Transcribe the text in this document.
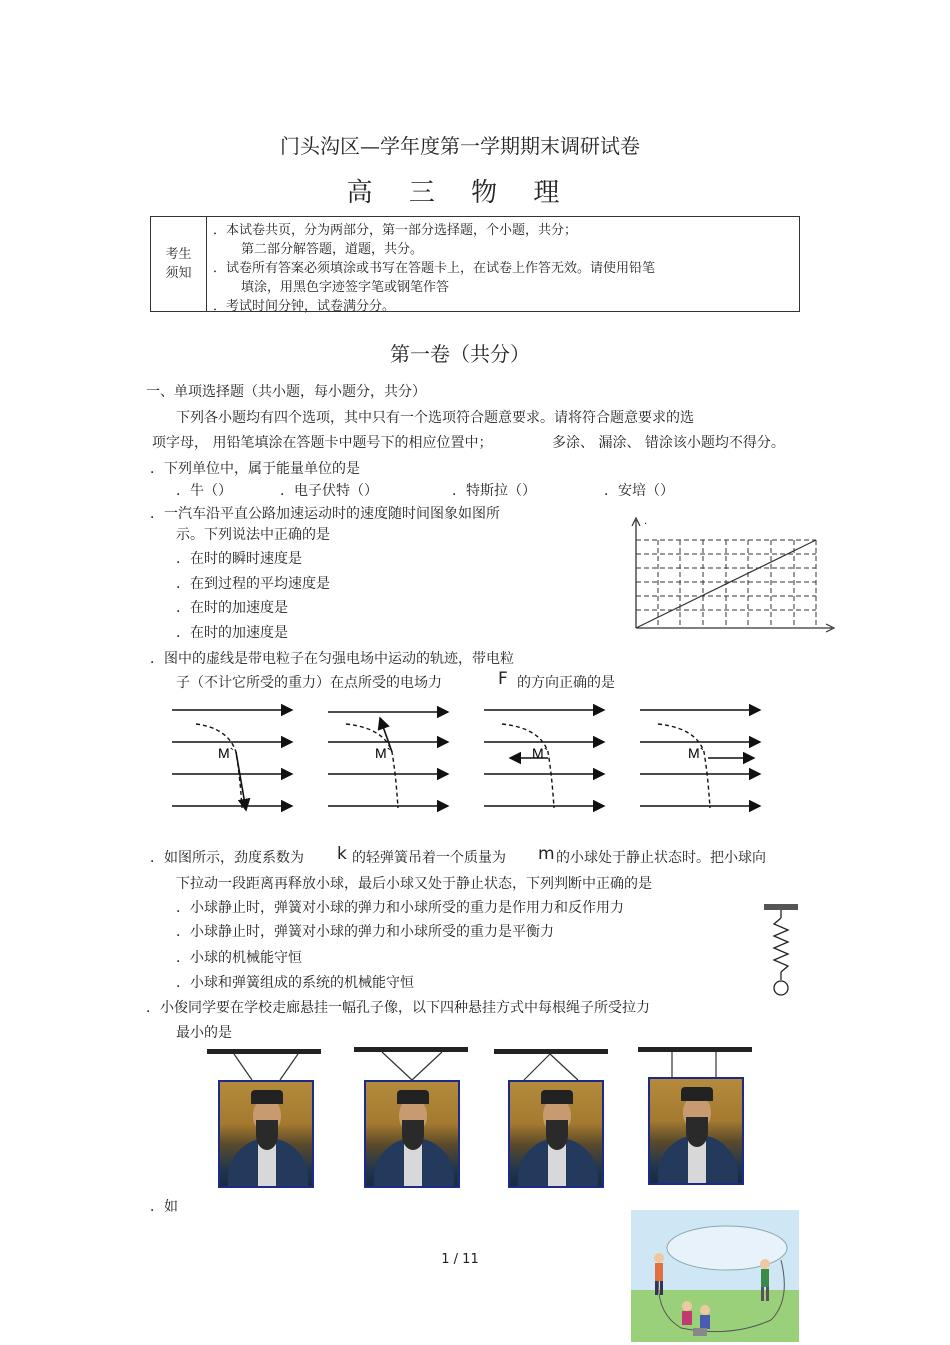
门头沟区—学年度第一学期期末调研试卷
高 三 物 理
考生
须知
．本试卷共页，分为两部分，第一部分选择题，个小题，共分；
第二部分解答题，道题，共分。
．试卷所有答案必须填涂或书写在答题卡上，在试卷上作答无效。请使用铅笔
填涂，用黑色字迹签字笔或钢笔作答
．考试时间分钟，试卷满分分。
第一卷（共分）
一、单项选择题（共小题，每小题分，共分）
下列各小题均有四个选项，其中只有一个选项符合题意要求。请将符合题意要求的选
项字母， 用铅笔填涂在答题卡中题号下的相应位置中；	多涂、 漏涂、 错涂该小题均不得分。
．下列单位中，属于能量单位的是
．牛（）	．电子伏特（）	．特斯拉（）	．安培（）
．一汽车沿平直公路加速运动时的速度随时间图象如图所
示。下列说法中正确的是
．在时的瞬时速度是
．在到过程的平均速度是
．在时的加速度是
．在时的加速度是
.
．图中的虚线是带电粒子在匀强电场中运动的轨迹，带电粒
子（不计它所受的重力）在点所受的电场力	F 的方向正确的是
M`	M`	M`	M`
．如图所示，劲度系数为 k 的轻弹簧吊着一个质量为 m 的小球处于静止状态时。把小球向
下拉动一段距离再释放小球，最后小球又处于静止状态，下列判断中正确的是
．小球静止时，弹簧对小球的弹力和小球所受的重力是作用力和反作用力
．小球静止时，弹簧对小球的弹力和小球所受的重力是平衡力
．小球的机械能守恒
．小球和弹簧组成的系统的机械能守恒
．小俊同学要在学校走廊悬挂一幅孔子像，以下四种悬挂方式中每根绳子所受拉力
最小的是
．如
1 / 11
